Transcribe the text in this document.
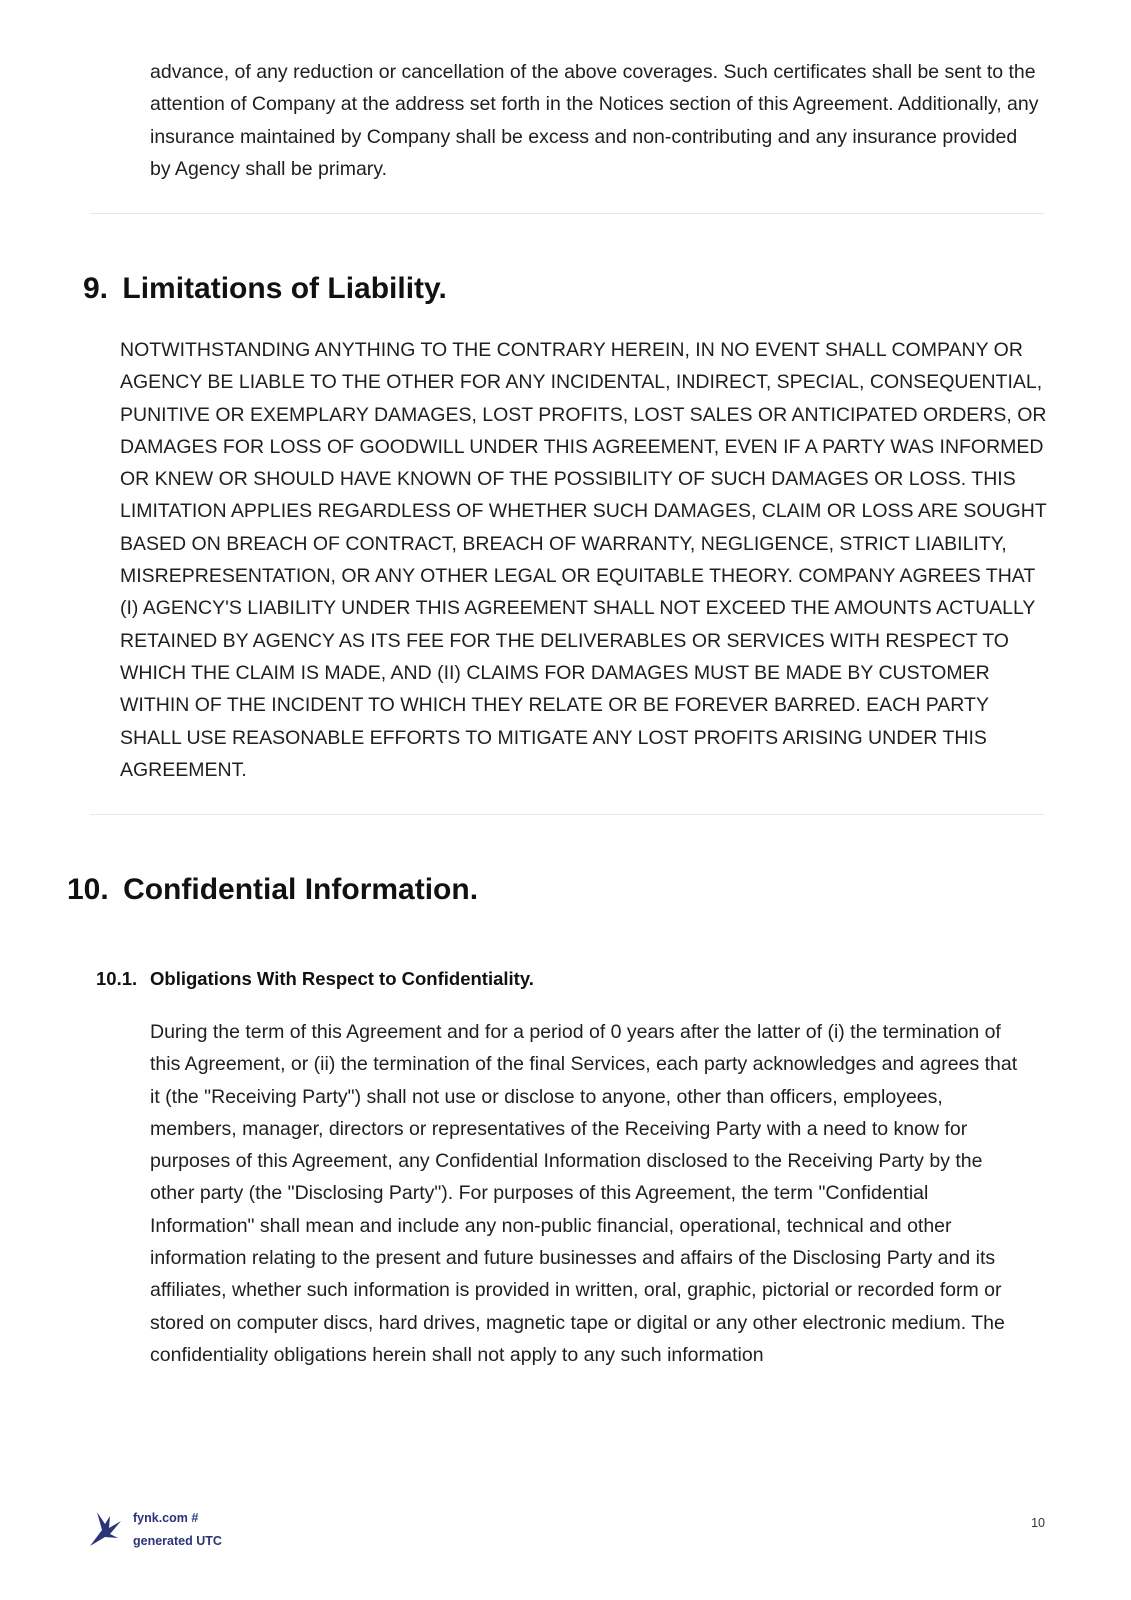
advance, of any reduction or cancellation of the above coverages. Such certificates shall be sent to the attention of Company at the address set forth in the Notices section of this Agreement. Additionally, any insurance maintained by Company shall be excess and non-contributing and any insurance provided by Agency shall be primary.

9. Limitations of Liability.

NOTWITHSTANDING ANYTHING TO THE CONTRARY HEREIN, IN NO EVENT SHALL COMPANY OR AGENCY BE LIABLE TO THE OTHER FOR ANY INCIDENTAL, INDIRECT, SPECIAL, CONSEQUENTIAL, PUNITIVE OR EXEMPLARY DAMAGES, LOST PROFITS, LOST SALES OR ANTICIPATED ORDERS, OR DAMAGES FOR LOSS OF GOODWILL UNDER THIS AGREEMENT, EVEN IF A PARTY WAS INFORMED OR KNEW OR SHOULD HAVE KNOWN OF THE POSSIBILITY OF SUCH DAMAGES OR LOSS. THIS LIMITATION APPLIES REGARDLESS OF WHETHER SUCH DAMAGES, CLAIM OR LOSS ARE SOUGHT BASED ON BREACH OF CONTRACT, BREACH OF WARRANTY, NEGLIGENCE, STRICT LIABILITY, MISREPRESENTATION, OR ANY OTHER LEGAL OR EQUITABLE THEORY. COMPANY AGREES THAT (I) AGENCY'S LIABILITY UNDER THIS AGREEMENT SHALL NOT EXCEED THE AMOUNTS ACTUALLY RETAINED BY AGENCY AS ITS FEE FOR THE DELIVERABLES OR SERVICES WITH RESPECT TO WHICH THE CLAIM IS MADE, AND (II) CLAIMS FOR DAMAGES MUST BE MADE BY CUSTOMER WITHIN OF THE INCIDENT TO WHICH THEY RELATE OR BE FOREVER BARRED. EACH PARTY SHALL USE REASONABLE EFFORTS TO MITIGATE ANY LOST PROFITS ARISING UNDER THIS AGREEMENT.

10. Confidential Information.
10.1. Obligations With Respect to Confidentiality.

During the term of this Agreement and for a period of 0 years after the latter of (i) the termination of this Agreement, or (ii) the termination of the final Services, each party acknowledges and agrees that it (the "Receiving Party") shall not use or disclose to anyone, other than officers, employees, members, manager, directors or representatives of the Receiving Party with a need to know for purposes of this Agreement, any Confidential Information disclosed to the Receiving Party by the other party (the "Disclosing Party"). For purposes of this Agreement, the term "Confidential Information" shall mean and include any non-public financial, operational, technical and other information relating to the present and future businesses and affairs of the Disclosing Party and its affiliates, whether such information is provided in written, oral, graphic, pictorial or recorded form or stored on computer discs, hard drives, magnetic tape or digital or any other electronic medium. The confidentiality obligations herein shall not apply to any such information

fynk.com #

generated UTC

10
